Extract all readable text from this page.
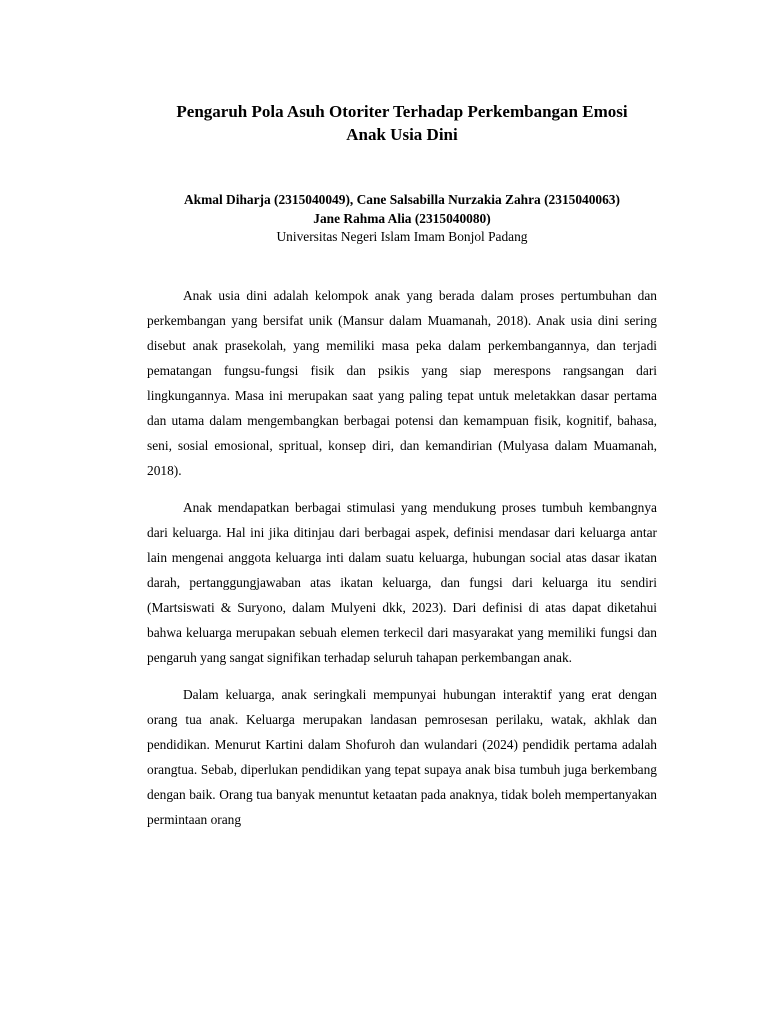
Pengaruh Pola Asuh Otoriter Terhadap Perkembangan Emosi
Anak Usia Dini
Akmal Diharja (2315040049), Cane Salsabilla Nurzakia Zahra (2315040063)
Jane Rahma Alia (2315040080)
Universitas Negeri Islam Imam Bonjol Padang

Anak usia dini adalah kelompok anak yang berada dalam proses pertumbuhan dan perkembangan yang bersifat unik (Mansur dalam Muamanah, 2018). Anak usia dini sering disebut anak prasekolah, yang memiliki masa peka dalam perkembangannya, dan terjadi pematangan fungsu-fungsi fisik dan psikis yang siap merespons rangsangan dari lingkungannya. Masa ini merupakan saat yang paling tepat untuk meletakkan dasar pertama dan utama dalam mengembangkan berbagai potensi dan kemampuan fisik, kognitif, bahasa, seni, sosial emosional, spritual, konsep diri, dan kemandirian (Mulyasa dalam Muamanah, 2018).

Anak mendapatkan berbagai stimulasi yang mendukung proses tumbuh kembangnya dari keluarga. Hal ini jika ditinjau dari berbagai aspek, definisi mendasar dari keluarga antar lain mengenai anggota keluarga inti dalam suatu keluarga, hubungan social atas dasar ikatan darah, pertanggungjawaban atas ikatan keluarga, dan fungsi dari keluarga itu sendiri (Martsiswati & Suryono, dalam Mulyeni dkk, 2023). Dari definisi di atas dapat diketahui bahwa keluarga merupakan sebuah elemen terkecil dari masyarakat yang memiliki fungsi dan pengaruh yang sangat signifikan terhadap seluruh tahapan perkembangan anak.

Dalam keluarga, anak seringkali mempunyai hubungan interaktif yang erat dengan orang tua anak. Keluarga merupakan landasan pemrosesan perilaku, watak, akhlak dan pendidikan. Menurut Kartini dalam Shofuroh dan wulandari (2024) pendidik pertama adalah orangtua. Sebab, diperlukan pendidikan yang tepat supaya anak bisa tumbuh juga berkembang dengan baik. Orang tua banyak menuntut ketaatan pada anaknya, tidak boleh mempertanyakan permintaan orang
